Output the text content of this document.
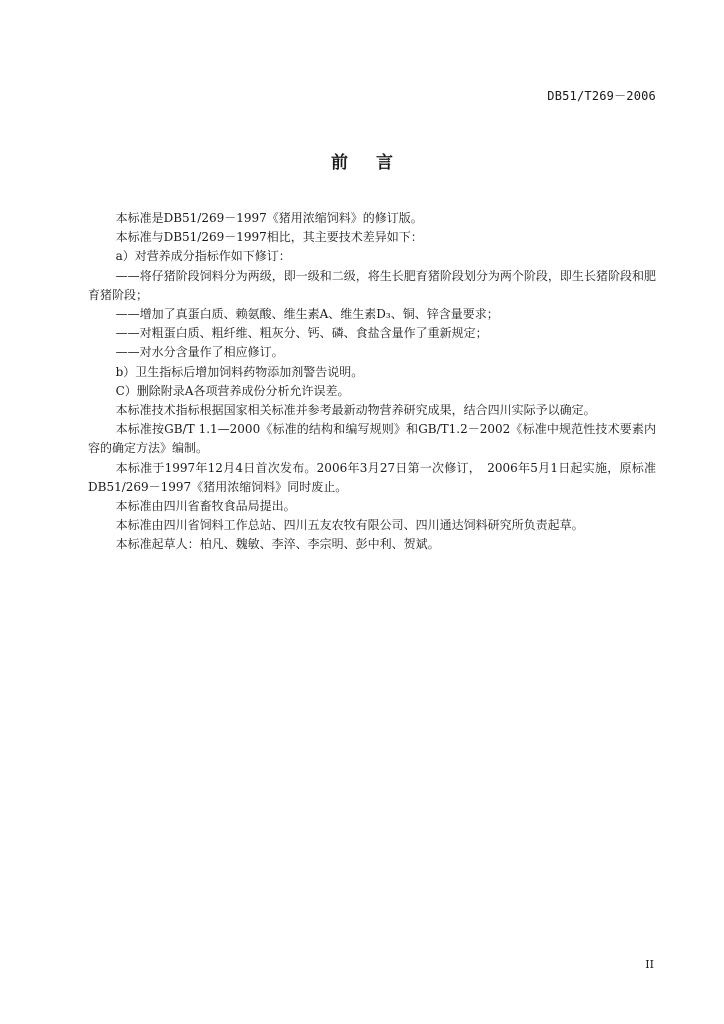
DB51/T269－2006
前言

本标准是DB51/269－1997《猪用浓缩饲料》的修订版。

本标准与DB51/269－1997相比，其主要技术差异如下：

a）对营养成分指标作如下修订：

——将仔猪阶段饲料分为两级，即一级和二级，将生长肥育猪阶段划分为两个阶段，即生长猪阶段和肥育猪阶段；

——增加了真蛋白质、赖氨酸、维生素A、维生素D₃、铜、锌含量要求；

——对粗蛋白质、粗纤维、粗灰分、钙、磷、食盐含量作了重新规定；

——对水分含量作了相应修订。

b）卫生指标后增加饲料药物添加剂警告说明。

C）删除附录A各项营养成份分析允许误差。

本标准技术指标根据国家相关标准并参考最新动物营养研究成果，结合四川实际予以确定。

本标准按GB/T 1.1—2000《标准的结构和编写规则》和GB/T1.2－2002《标准中规范性技术要素内容的确定方法》编制。

本标准于1997年12月4日首次发布。2006年3月27日第一次修订，　2006年5月1日起实施，原标准DB51/269－1997《猪用浓缩饲料》同时废止。

本标准由四川省畜牧食品局提出。

本标准由四川省饲料工作总站、四川五友农牧有限公司、四川通达饲料研究所负责起草。

本标准起草人：柏凡、魏敏、李淬、李宗明、彭中利、贺斌。

II
